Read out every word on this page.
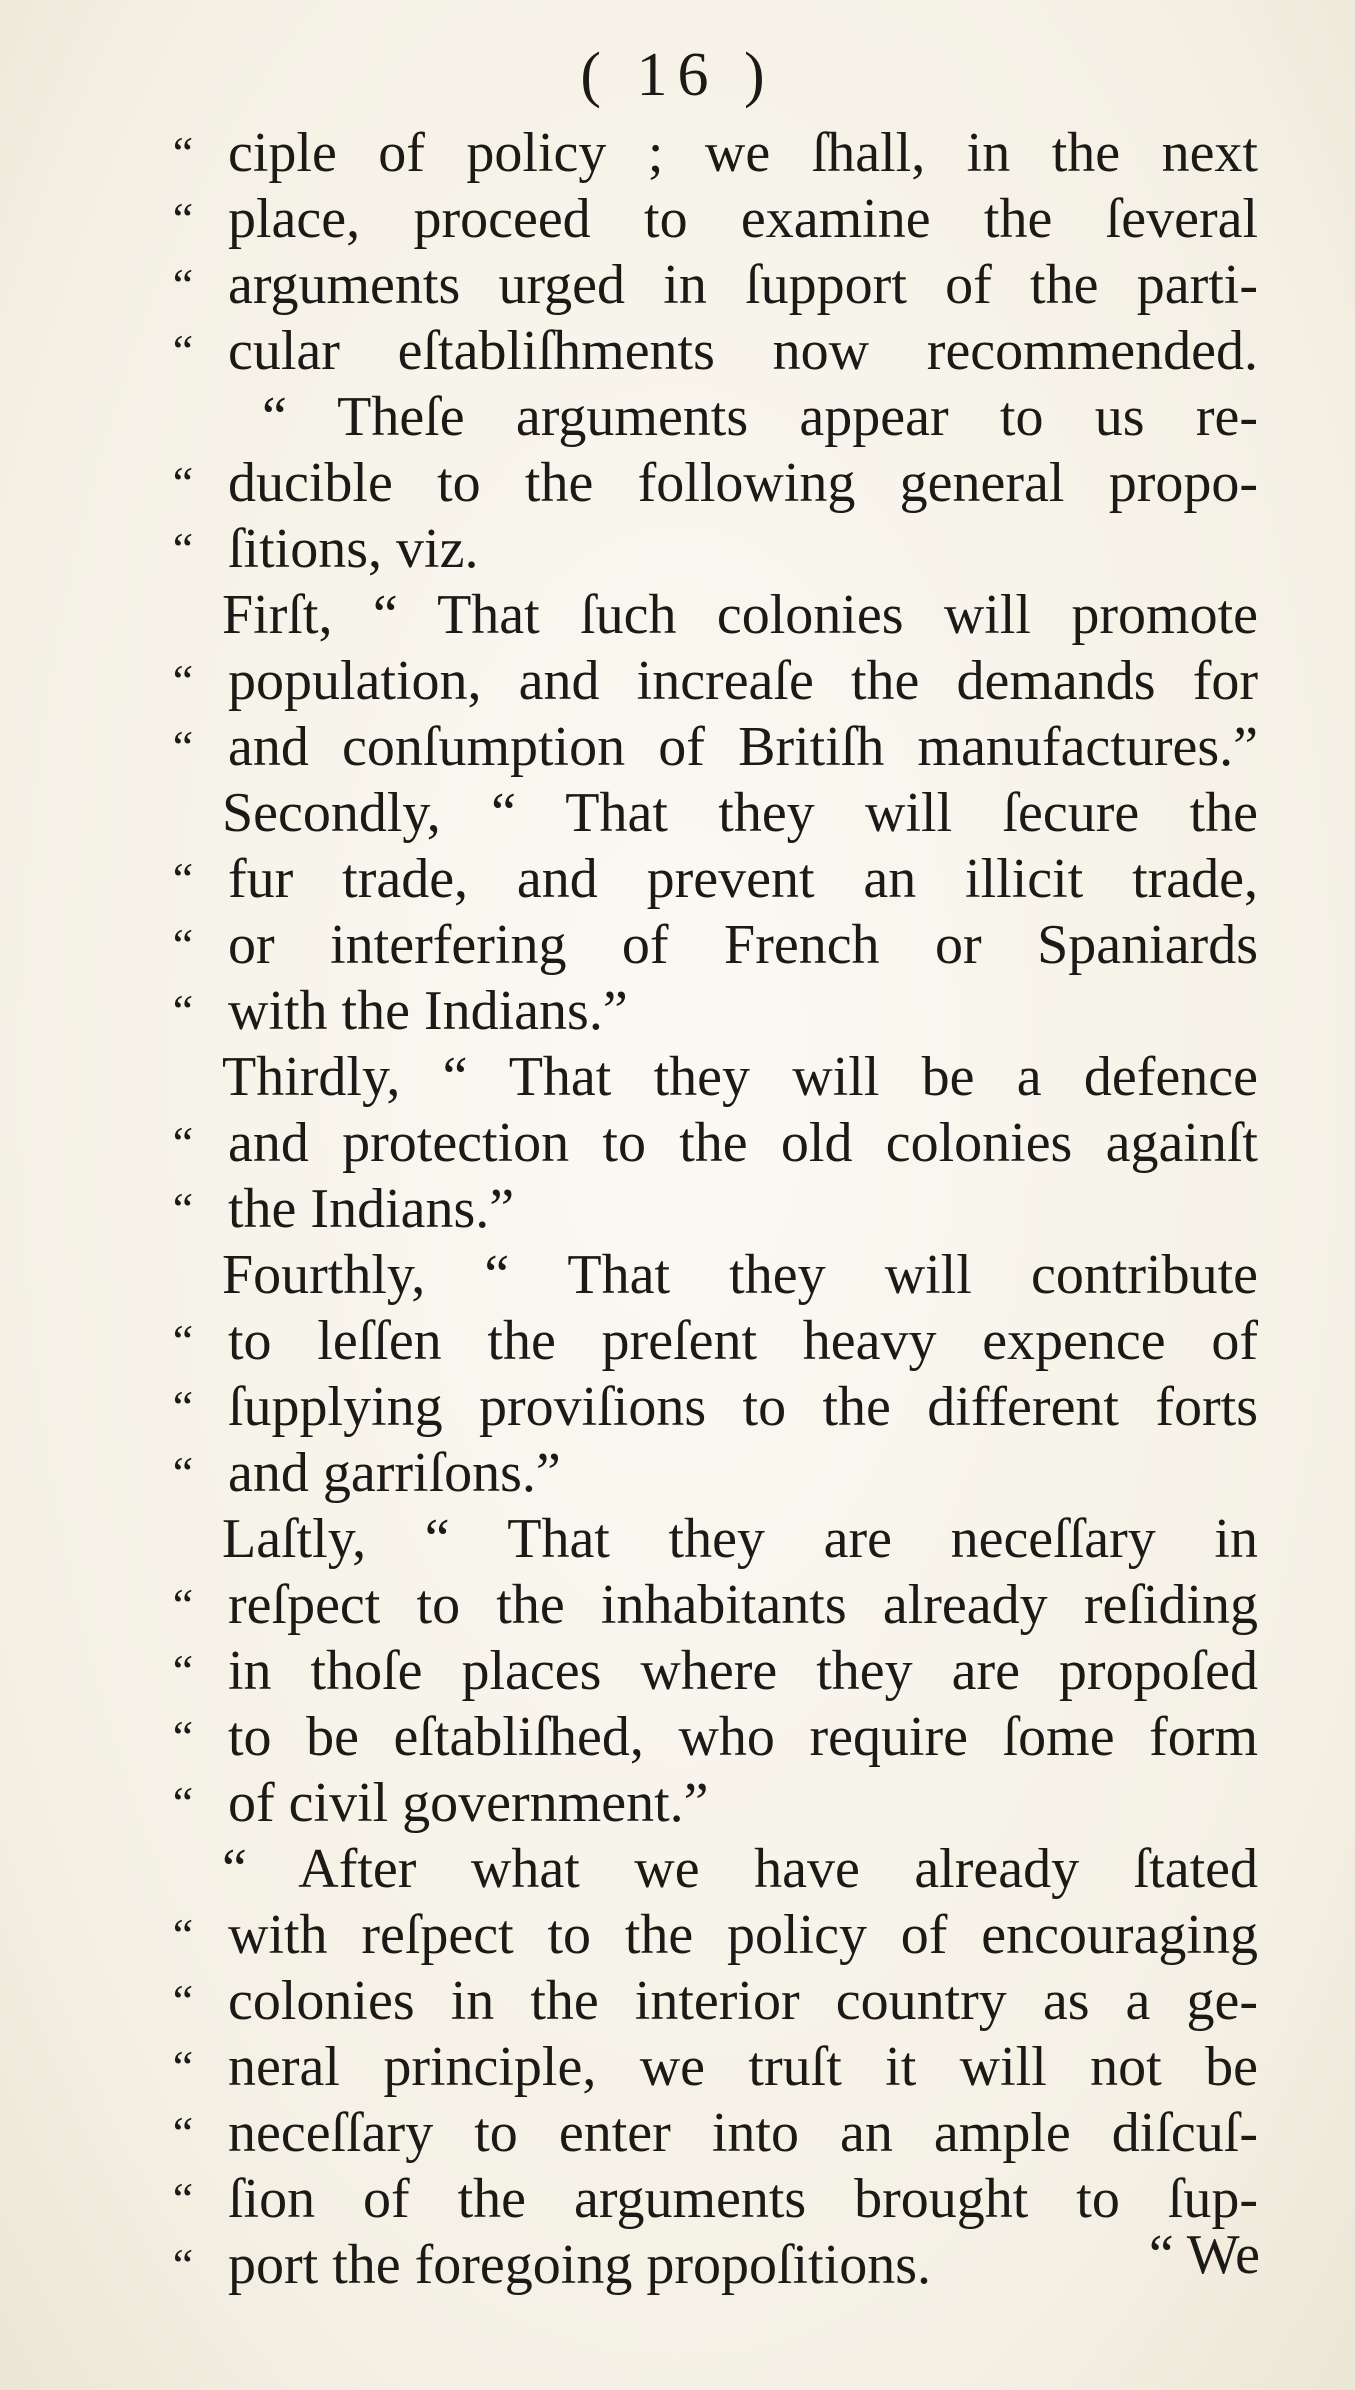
( 16 )
“ ciple of policy ; we ſhall, in the next
“ place, proceed to examine the ſeveral
“ arguments urged in ſupport of the parti-
“ cular eſtabliſhments now recommended.
“ Theſe arguments appear to us re-
“ ducible to the following general propo-
“ ſitions, viz.
Firſt, “ That ſuch colonies will promote
“ population, and increaſe the demands for
“ and conſumption of Britiſh manufactures.”
Secondly, “ That they will ſecure the
“ fur trade, and prevent an illicit trade,
“ or interfering of French or Spaniards
“ with the Indians.”
Thirdly, “ That they will be a defence
“ and protection to the old colonies againſt
“ the Indians.”
Fourthly, “ That they will contribute
“ to leſſen the preſent heavy expence of
“ ſupplying proviſions to the different forts
“ and garriſons.”
Laſtly, “ That they are neceſſary in
“ reſpect to the inhabitants already reſiding
“ in thoſe places where they are propoſed
“ to be eſtabliſhed, who require ſome form
“ of civil government.”
“ After what we have already ſtated
“ with reſpect to the policy of encouraging
“ colonies in the interior country as a ge-
“ neral principle, we truſt it will not be
“ neceſſary to enter into an ample diſcuſ-
“ ſion of the arguments brought to ſup-
“ port the foregoing propoſitions.	“ We
